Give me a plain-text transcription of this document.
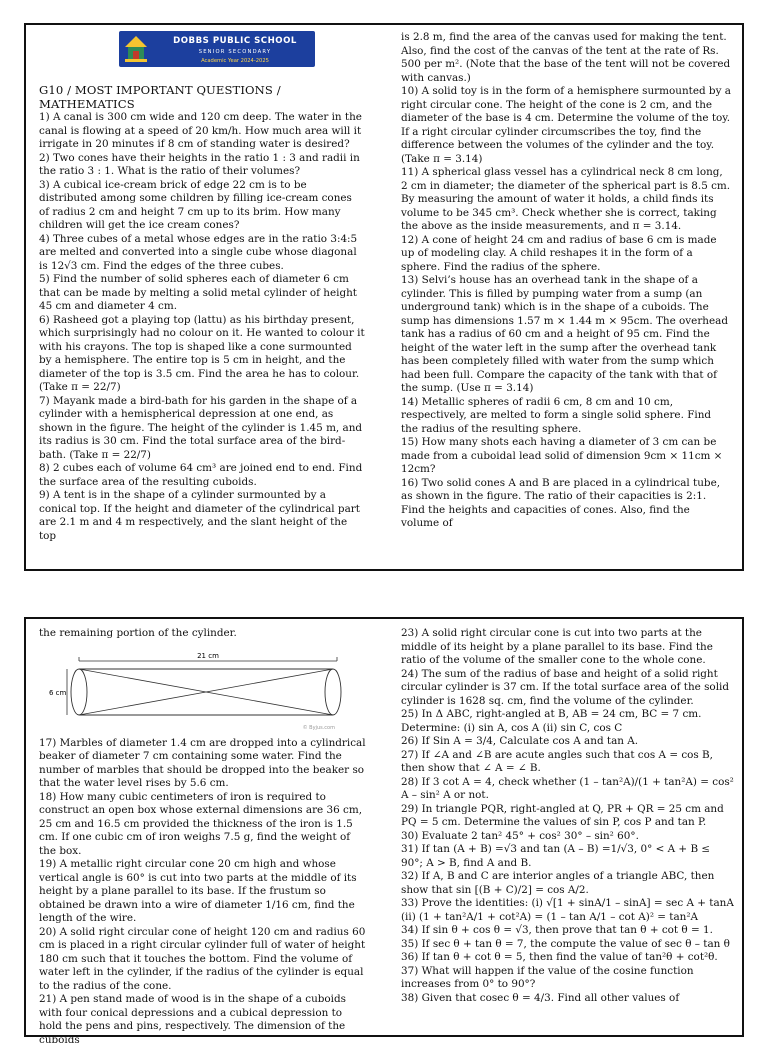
DOBBS PUBLIC SCHOOL
SENIOR SECONDARY
Academic Year 2024-2025
G10 / MOST IMPORTANT QUESTIONS / MATHEMATICS

1) A canal is 300 cm wide and 120 cm deep. The water in the canal is flowing at a speed of 20 km/h. How much area will it irrigate in 20 minutes if 8 cm of standing water is desired?

2) Two cones have their heights in the ratio 1 : 3 and radii in the ratio 3 : 1. What is the ratio of their volumes?

3) A cubical ice-cream brick of edge 22 cm is to be distributed among some children by filling ice-cream cones of radius 2 cm and height 7 cm up to its brim. How many children will get the ice cream cones?

4) Three cubes of a metal whose edges are in the ratio 3:4:5 are melted and converted into a single cube whose diagonal is 12√3 cm. Find the edges of the three cubes.

5) Find the number of solid spheres each of diameter 6 cm that can be made by melting a solid metal cylinder of height 45 cm and diameter 4 cm.

6) Rasheed got a playing top (lattu) as his birthday present, which surprisingly had no colour on it. He wanted to colour it with his crayons. The top is shaped like a cone surmounted by a hemisphere. The entire top is 5 cm in height, and the diameter of the top is 3.5 cm. Find the area he has to colour. (Take π = 22/7)

7) Mayank made a bird-bath for his garden in the shape of a cylinder with a hemispherical depression at one end, as shown in the figure. The height of the cylinder is 1.45 m, and its radius is 30 cm. Find the total surface area of the bird-bath. (Take π = 22/7)

8) 2 cubes each of volume 64 cm³ are joined end to end. Find the surface area of the resulting cuboids.

9) A tent is in the shape of a cylinder surmounted by a conical top. If the height and diameter of the cylindrical part are 2.1 m and 4 m respectively, and the slant height of the top

is 2.8 m, find the area of the canvas used for making the tent. Also, find the cost of the canvas of the tent at the rate of Rs. 500 per m². (Note that the base of the tent will not be covered with canvas.)

10) A solid toy is in the form of a hemisphere surmounted by a right circular cone. The height of the cone is 2 cm, and the diameter of the base is 4 cm. Determine the volume of the toy. If a right circular cylinder circumscribes the toy, find the difference between the volumes of the cylinder and the toy. (Take π = 3.14)

11) A spherical glass vessel has a cylindrical neck 8 cm long, 2 cm in diameter; the diameter of the spherical part is 8.5 cm. By measuring the amount of water it holds, a child finds its volume to be 345 cm³. Check whether she is correct, taking the above as the inside measurements, and π = 3.14.

12) A cone of height 24 cm and radius of base 6 cm is made up of modeling clay. A child reshapes it in the form of a sphere. Find the radius of the sphere.

13) Selvi’s house has an overhead tank in the shape of a cylinder. This is filled by pumping water from a sump (an underground tank) which is in the shape of a cuboids. The sump has dimensions 1.57 m × 1.44 m × 95cm. The overhead tank has a radius of 60 cm and a height of 95 cm. Find the height of the water left in the sump after the overhead tank has been completely filled with water from the sump which had been full. Compare the capacity of the tank with that of the sump. (Use π = 3.14)

14) Metallic spheres of radii 6 cm, 8 cm and 10 cm, respectively, are melted to form a single solid sphere. Find the radius of the resulting sphere.

15) How many shots each having a diameter of 3 cm can be made from a cuboidal lead solid of dimension 9cm × 11cm × 12cm?

16) Two solid cones A and B are placed in a cylindrical tube, as shown in the figure. The ratio of their capacities is 2:1. Find the heights and capacities of cones. Also, find the volume of

the remaining portion of the cylinder.

21 cm
6 cm
© Byjus.com

17) Marbles of diameter 1.4 cm are dropped into a cylindrical beaker of diameter 7 cm containing some water. Find the number of marbles that should be dropped into the beaker so that the water level rises by 5.6 cm.

18) How many cubic centimeters of iron is required to construct an open box whose external dimensions are 36 cm, 25 cm and 16.5 cm provided the thickness of the iron is 1.5 cm. If one cubic cm of iron weighs 7.5 g, find the weight of the box.

19) A metallic right circular cone 20 cm high and whose vertical angle is 60° is cut into two parts at the middle of its height by a plane parallel to its base. If the frustum so obtained be drawn into a wire of diameter 1/16 cm, find the length of the wire.

20) A solid right circular cone of height 120 cm and radius 60 cm is placed in a right circular cylinder full of water of height 180 cm such that it touches the bottom. Find the volume of water left in the cylinder, if the radius of the cylinder is equal to the radius of the cone.

21) A pen stand made of wood is in the shape of a cuboids with four conical depressions and a cubical depression to hold the pens and pins, respectively. The dimension of the cuboids

23) A solid right circular cone is cut into two parts at the middle of its height by a plane parallel to its base. Find the ratio of the volume of the smaller cone to the whole cone.

24) The sum of the radius of base and height of a solid right circular cylinder is 37 cm. If the total surface area of the solid cylinder is 1628 sq. cm, find the volume of the cylinder.

25) In Δ ABC, right-angled at B, AB = 24 cm, BC = 7 cm. Determine: (i) sin A, cos A (ii) sin C, cos C

26) If Sin A = 3/4, Calculate cos A and tan A.

27) If ∠A and ∠B are acute angles such that cos A = cos B, then show that ∠ A = ∠ B.

28) If 3 cot A = 4, check whether (1 – tan²A)/(1 + tan²A) = cos² A – sin² A or not.

29) In triangle PQR, right-angled at Q, PR + QR = 25 cm and PQ = 5 cm. Determine the values of sin P, cos P and tan P.

30) Evaluate 2 tan² 45° + cos² 30° – sin² 60°.

31) If tan (A + B) =√3 and tan (A – B) =1/√3, 0° < A + B ≤ 90°; A > B, find A and B.

32) If A, B and C are interior angles of a triangle ABC, then show that sin [(B + C)/2] = cos A/2.

33) Prove the identities: (i) √[1 + sinA/1 – sinA] = sec A + tanA (ii) (1 + tan²A/1 + cot²A) = (1 – tan A/1 – cot A)² = tan²A

34) If sin θ + cos θ = √3, then prove that tan θ + cot θ = 1.

35) If sec θ + tan θ = 7, the compute the value of sec θ – tan θ

36) If tan θ + cot θ = 5, then find the value of tan²θ + cot²θ.

37) What will happen if the value of the cosine function increases from 0° to 90°?

38) Given that cosec θ = 4/3. Find all other values of
